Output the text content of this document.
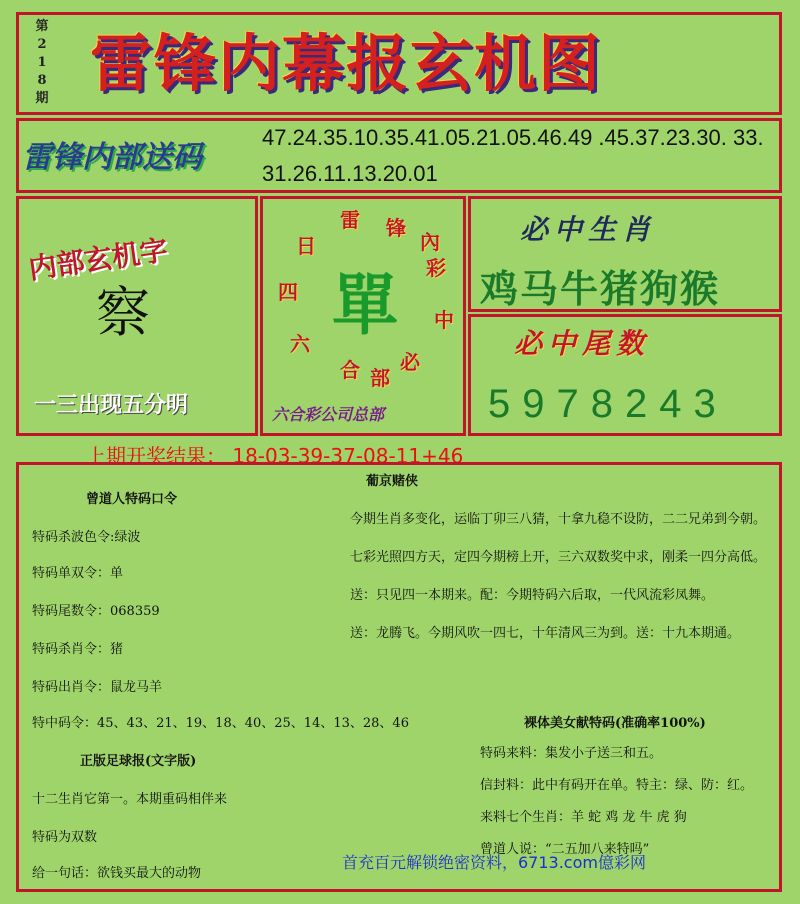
第
2
1
8
期 雷锋内幕报玄机图
雷锋内部送码
47.24.35.10.35.41.05.21.05.46.49 .45.37.23.30. 33.31.26.11.13.20.01
内部玄机字
察
一三出现五分明
日
四
六
合
雷 锋
必
中
彩
內
部
單
六合彩公司总部
必中生肖
鸡马牛猪狗猴
必中尾数
5978243
上期开奖结果： 18-03-39-37-08-11+46
曾道人特码口令
特码杀波色令:绿波
特码单双令：单
特码尾数令：068359
特码杀肖令：猪
特码出肖令：鼠龙马羊
特中码令：45、43、21、19、18、40、25、14、13、28、46
正版足球报(文字版)
十二生肖它第一。本期重码相伴来
特码为双数
给一句话：欲钱买最大的动物
葡京赌侠
今期生肖多变化，运临丁卯三八猜，十拿九稳不设防，二二兄弟到今朝。
七彩光照四方天，定四今期榜上开，三六双数奖中求，刚柔一四分高低。
送：只见四一本期来。配：今期特码六后取，一代风流彩凤舞。
送：龙腾飞。今期风吹一四七，十年清风三为到。送：十九本期通。
裸体美女献特码(准确率100%)
特码来料：集发小子送三和五。
信封料：此中有码开在单。特主：绿、防：红。
来料七个生肖：羊 蛇 鸡 龙 牛 虎 狗
曾道人说：“二五加八来特吗”
首充百元解锁绝密资料，6713.com億彩网
